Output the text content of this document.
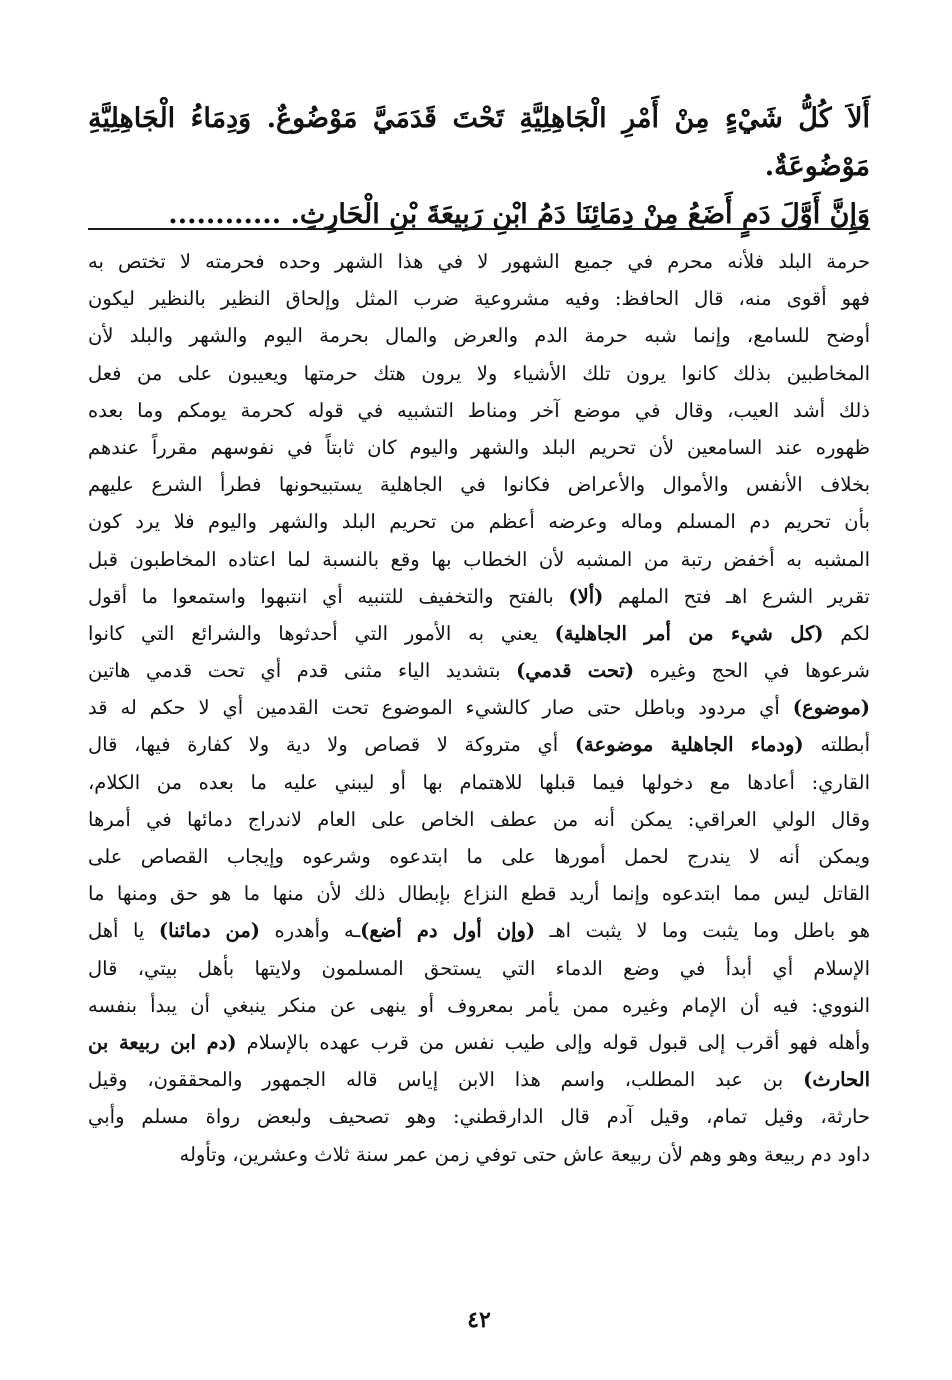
أَلاَ كُلُّ شَيْءٍ مِنْ أَمْرِ الْجَاهِلِيَّةِ تَحْتَ قَدَمَيَّ مَوْضُوعٌ. وَدِمَاءُ الْجَاهِلِيَّةِ مَوْضُوعَةٌ.

وَإِنَّ أَوَّلَ دَمٍ أَضَعُ مِنْ دِمَائِنَا دَمُ ابْنِ رَبِيعَةَ بْنِ الْحَارِثِ. ............

حرمة البلد فلأنه محرم في جميع الشهور لا في هذا الشهر وحده فحرمته لا تختص به
فهو أقوى منه، قال الحافظ: وفيه مشروعية ضرب المثل وإلحاق النظير بالنظير ليكون
أوضح للسامع، وإنما شبه حرمة الدم والعرض والمال بحرمة اليوم والشهر والبلد لأن
المخاطبين بذلك كانوا يرون تلك الأشياء ولا يرون هتك حرمتها ويعيبون على من فعل
ذلك أشد العيب، وقال في موضع آخر ومناط التشبيه في قوله كحرمة يومكم وما بعده
ظهوره عند السامعين لأن تحريم البلد والشهر واليوم كان ثابتاً في نفوسهم مقرراً عندهم
بخلاف الأنفس والأموال والأعراض فكانوا في الجاهلية يستبيحونها فطرأ الشرع عليهم
بأن تحريم دم المسلم وماله وعرضه أعظم من تحريم البلد والشهر واليوم فلا يرد كون
المشبه به أخفض رتبة من المشبه لأن الخطاب بها وقع بالنسبة لما اعتاده المخاطبون قبل
تقرير الشرع اهـ فتح الملهم (ألا) بالفتح والتخفيف للتنبيه أي انتبهوا واستمعوا ما أقول
لكم (كل شيء من أمر الجاهلية) يعني به الأمور التي أحدثوها والشرائع التي كانوا
شرعوها في الحج وغيره (تحت قدمي) بتشديد الياء مثنى قدم أي تحت قدمي هاتين
(موضوع) أي مردود وباطل حتى صار كالشيء الموضوع تحت القدمين أي لا حكم له قد
أبطلته (ودماء الجاهلية موضوعة) أي متروكة لا قصاص ولا دية ولا كفارة فيها، قال
القاري: أعادها مع دخولها فيما قبلها للاهتمام بها أو ليبني عليه ما بعده من الكلام،
وقال الولي العراقي: يمكن أنه من عطف الخاص على العام لاندراج دمائها في أمرها
ويمكن أنه لا يندرج لحمل أمورها على ما ابتدعوه وشرعوه وإيجاب القصاص على
القاتل ليس مما ابتدعوه وإنما أريد قطع النزاع بإبطال ذلك لأن منها ما هو حق ومنها ما
هو باطل وما يثبت وما لا يثبت اهـ (وإن أول دم أضع)ـه وأهدره (من دمائنا) يا أهل
الإسلام أي أبدأ في وضع الدماء التي يستحق المسلمون ولايتها بأهل بيتي، قال
النووي: فيه أن الإمام وغيره ممن يأمر بمعروف أو ينهى عن منكر ينبغي أن يبدأ بنفسه
وأهله فهو أقرب إلى قبول قوله وإلى طيب نفس من قرب عهده بالإسلام (دم ابن ربيعة بن
الحارث) بن عبد المطلب، واسم هذا الابن إياس قاله الجمهور والمحققون، وقيل
حارثة، وقيل تمام، وقيل آدم قال الدارقطني: وهو تصحيف ولبعض رواة مسلم وأبي
داود دم ربيعة وهو وهم لأن ربيعة عاش حتى توفي زمن عمر سنة ثلاث وعشرين، وتأوله
٤٢
